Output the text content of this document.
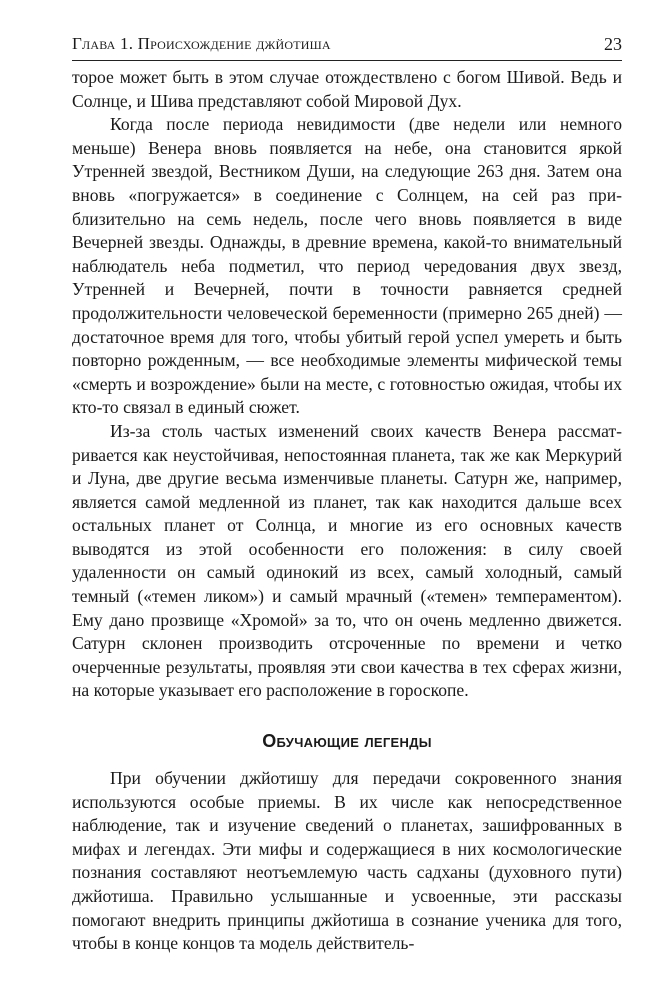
Глава 1. Происхождение джйотиша	23

торое может быть в этом случае отождествлено с богом Шивой. Ведь и Солнце, и Шива представляют собой Мировой Дух.

Когда после периода невидимости (две недели или немного меньше) Венера вновь появляется на небе, она становится яркой Утренней звездой, Вестником Души, на следующие 263 дня. Затем она вновь «погружается» в соединение с Солнцем, на сей раз приблизительно на семь недель, после чего вновь появляется в виде Вечерней звезды. Однажды, в древние времена, какой-то внимательный наблюдатель неба подметил, что период чередования двух звезд, Утренней и Вечерней, почти в точности равняется средней продолжительности человеческой беременности (примерно 265 дней) — достаточное время для того, чтобы убитый герой успел умереть и быть повторно рожденным, — все необходимые элементы мифической темы «смерть и возрождение» были на месте, с готовностью ожидая, чтобы их кто-то связал в единый сюжет.

Из-за столь частых изменений своих качеств Венера рассматривается как неустойчивая, непостоянная планета, так же как Меркурий и Луна, две другие весьма изменчивые планеты. Сатурн же, например, является самой медленной из планет, так как находится дальше всех остальных планет от Солнца, и многие из его основных качеств выводятся из этой особенности его положения: в силу своей удаленности он самый одинокий из всех, самый холодный, самый темный («темен ликом») и самый мрачный («темен» темпераментом). Ему дано прозвище «Хромой» за то, что он очень медленно движется. Сатурн склонен производить отсроченные по времени и четко очерченные результаты, проявляя эти свои качества в тех сферах жизни, на которые указывает его расположение в гороскопе.

Обучающие легенды

При обучении джйотишу для передачи сокровенного знания используются особые приемы. В их числе как непосредственное наблюдение, так и изучение сведений о планетах, зашифрованных в мифах и легендах. Эти мифы и содержащиеся в них космологические познания составляют неотъемлемую часть садханы (духовного пути) джйотиша. Правильно услышанные и усвоенные, эти рассказы помогают внедрить принципы джйотиша в сознание ученика для того, чтобы в конце концов та модель действитель-
